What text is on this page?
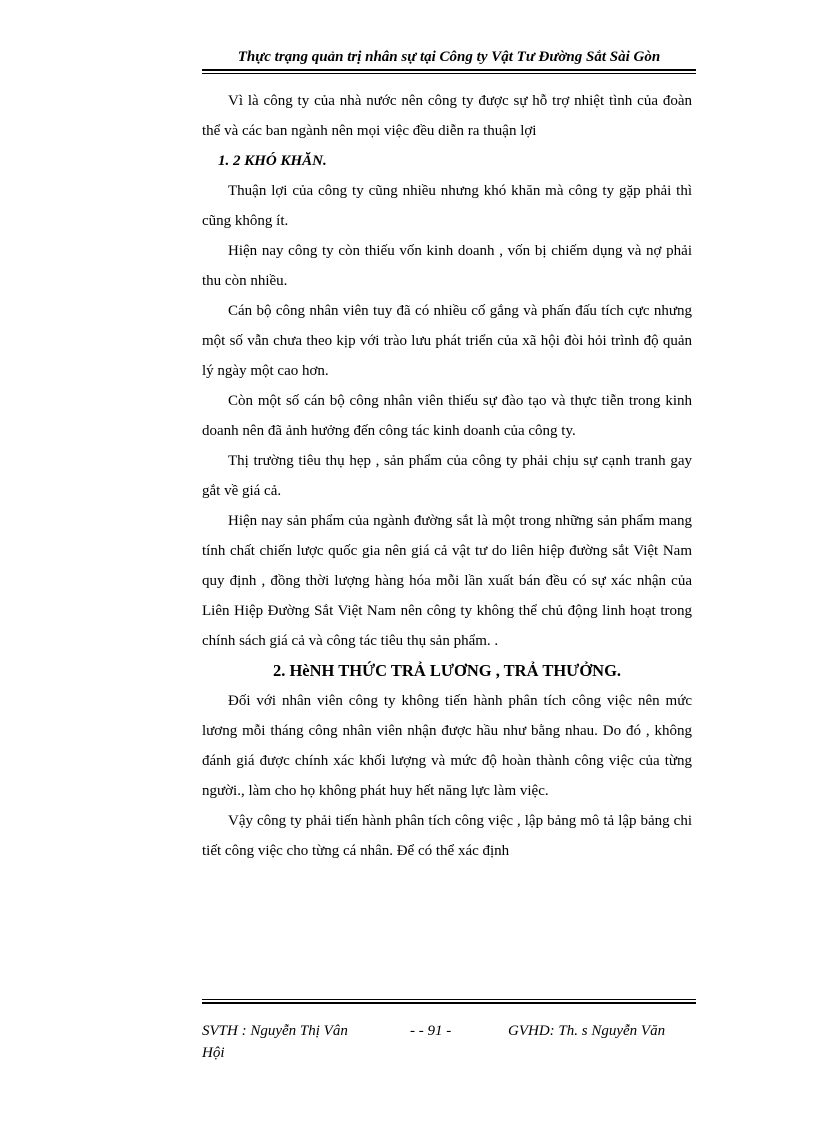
Thực trạng quản trị nhân sự tại Công ty Vật Tư Đường Sắt Sài Gòn

Vì là công ty của nhà nước nên công ty được sự hỗ trợ nhiệt tình của đoàn thể và các ban ngành nên mọi việc đều diễn ra thuận lợi

1. 2 KHÓ KHĂN.

Thuận lợi của công ty cũng nhiều nhưng khó khăn mà công ty gặp phải thì cũng không ít.

Hiện nay công ty còn thiếu vốn kinh doanh , vốn bị chiếm dụng và nợ phải thu còn nhiều.

Cán bộ công nhân viên tuy đã có nhiều cố gắng và phấn đấu tích cực nhưng một số vẫn chưa theo kịp với trào lưu phát triển của xã hội đòi hỏi trình độ quản lý ngày một cao hơn.

Còn một số cán bộ công nhân viên thiếu sự đào tạo và thực tiễn trong kinh doanh nên đã ảnh hưởng đến công tác kinh doanh của công ty.

Thị trường tiêu thụ hẹp , sản phẩm của công ty phải chịu sự cạnh tranh gay gắt về giá cả.

Hiện nay sản phẩm của ngành đường sắt là một trong những sản phẩm mang tính chất chiến lược quốc gia nên giá cả vật tư do liên hiệp đường sắt Việt Nam quy định , đồng thời lượng hàng hóa mỗi lần xuất bán đều có sự xác nhận của Liên Hiệp Đường Sắt Việt Nam nên công ty không thể chủ động linh hoạt trong chính sách giá cả và công tác tiêu thụ sản phẩm. .

2. HèNH THỨC TRẢ LƯƠNG , TRẢ THƯỞNG.

Đối với nhân viên công ty không tiến hành phân tích công việc nên mức lương mỗi tháng công nhân viên nhận được hầu như bằng nhau. Do đó , không đánh giá được chính xác khối lượng và mức độ hoàn thành công việc của từng người., làm cho họ không phát huy hết năng lực làm việc.

Vậy công ty phải tiến hành phân tích công việc , lập bảng mô tả lập bảng chi tiết công việc cho từng cá nhân. Để có thể xác định

SVTH : Nguyễn Thị Vân Hội
- - 91 -	GVHD: Th. s Nguyễn Văn
